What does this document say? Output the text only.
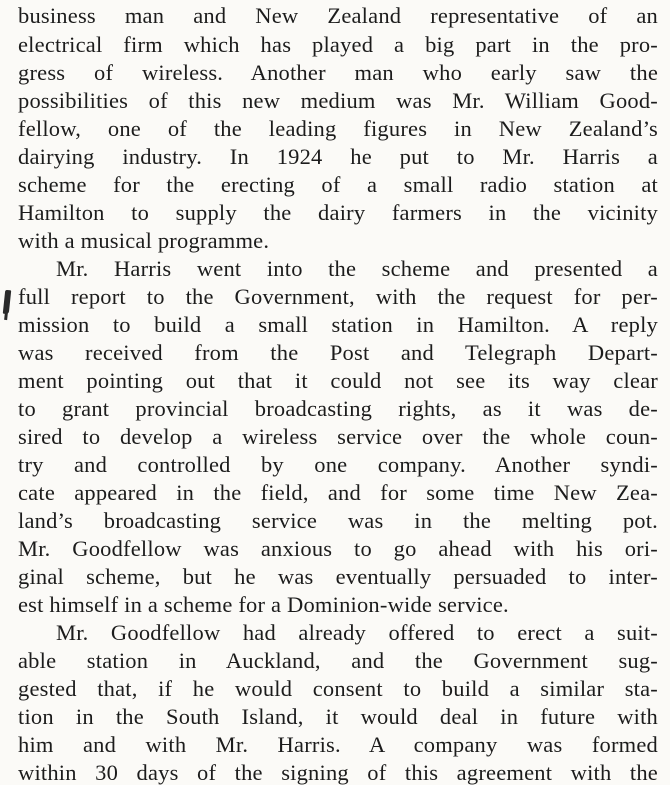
business man and New Zealand representative of an
electrical firm which has played a big part in the pro-
gress of wireless. Another man who early saw the
possibilities of this new medium was Mr. William Good-
fellow, one of the leading figures in New Zealand’s
dairying industry. In 1924 he put to Mr. Harris a
scheme for the erecting of a small radio station at
Hamilton to supply the dairy farmers in the vicinity
with a musical programme.
Mr. Harris went into the scheme and presented a
full report to the Government, with the request for per-
mission to build a small station in Hamilton. A reply
was received from the Post and Telegraph Depart-
ment pointing out that it could not see its way clear
to grant provincial broadcasting rights, as it was de-
sired to develop a wireless service over the whole coun-
try and controlled by one company. Another syndi-
cate appeared in the field, and for some time New Zea-
land’s broadcasting service was in the melting pot.
Mr. Goodfellow was anxious to go ahead with his ori-
ginal scheme, but he was eventually persuaded to inter-
est himself in a scheme for a Dominion-wide service.
Mr. Goodfellow had already offered to erect a suit-
able station in Auckland, and the Government sug-
gested that, if he would consent to build a similar sta-
tion in the South Island, it would deal in future with
him and with Mr. Harris. A company was formed
within 30 days of the signing of this agreement with the
